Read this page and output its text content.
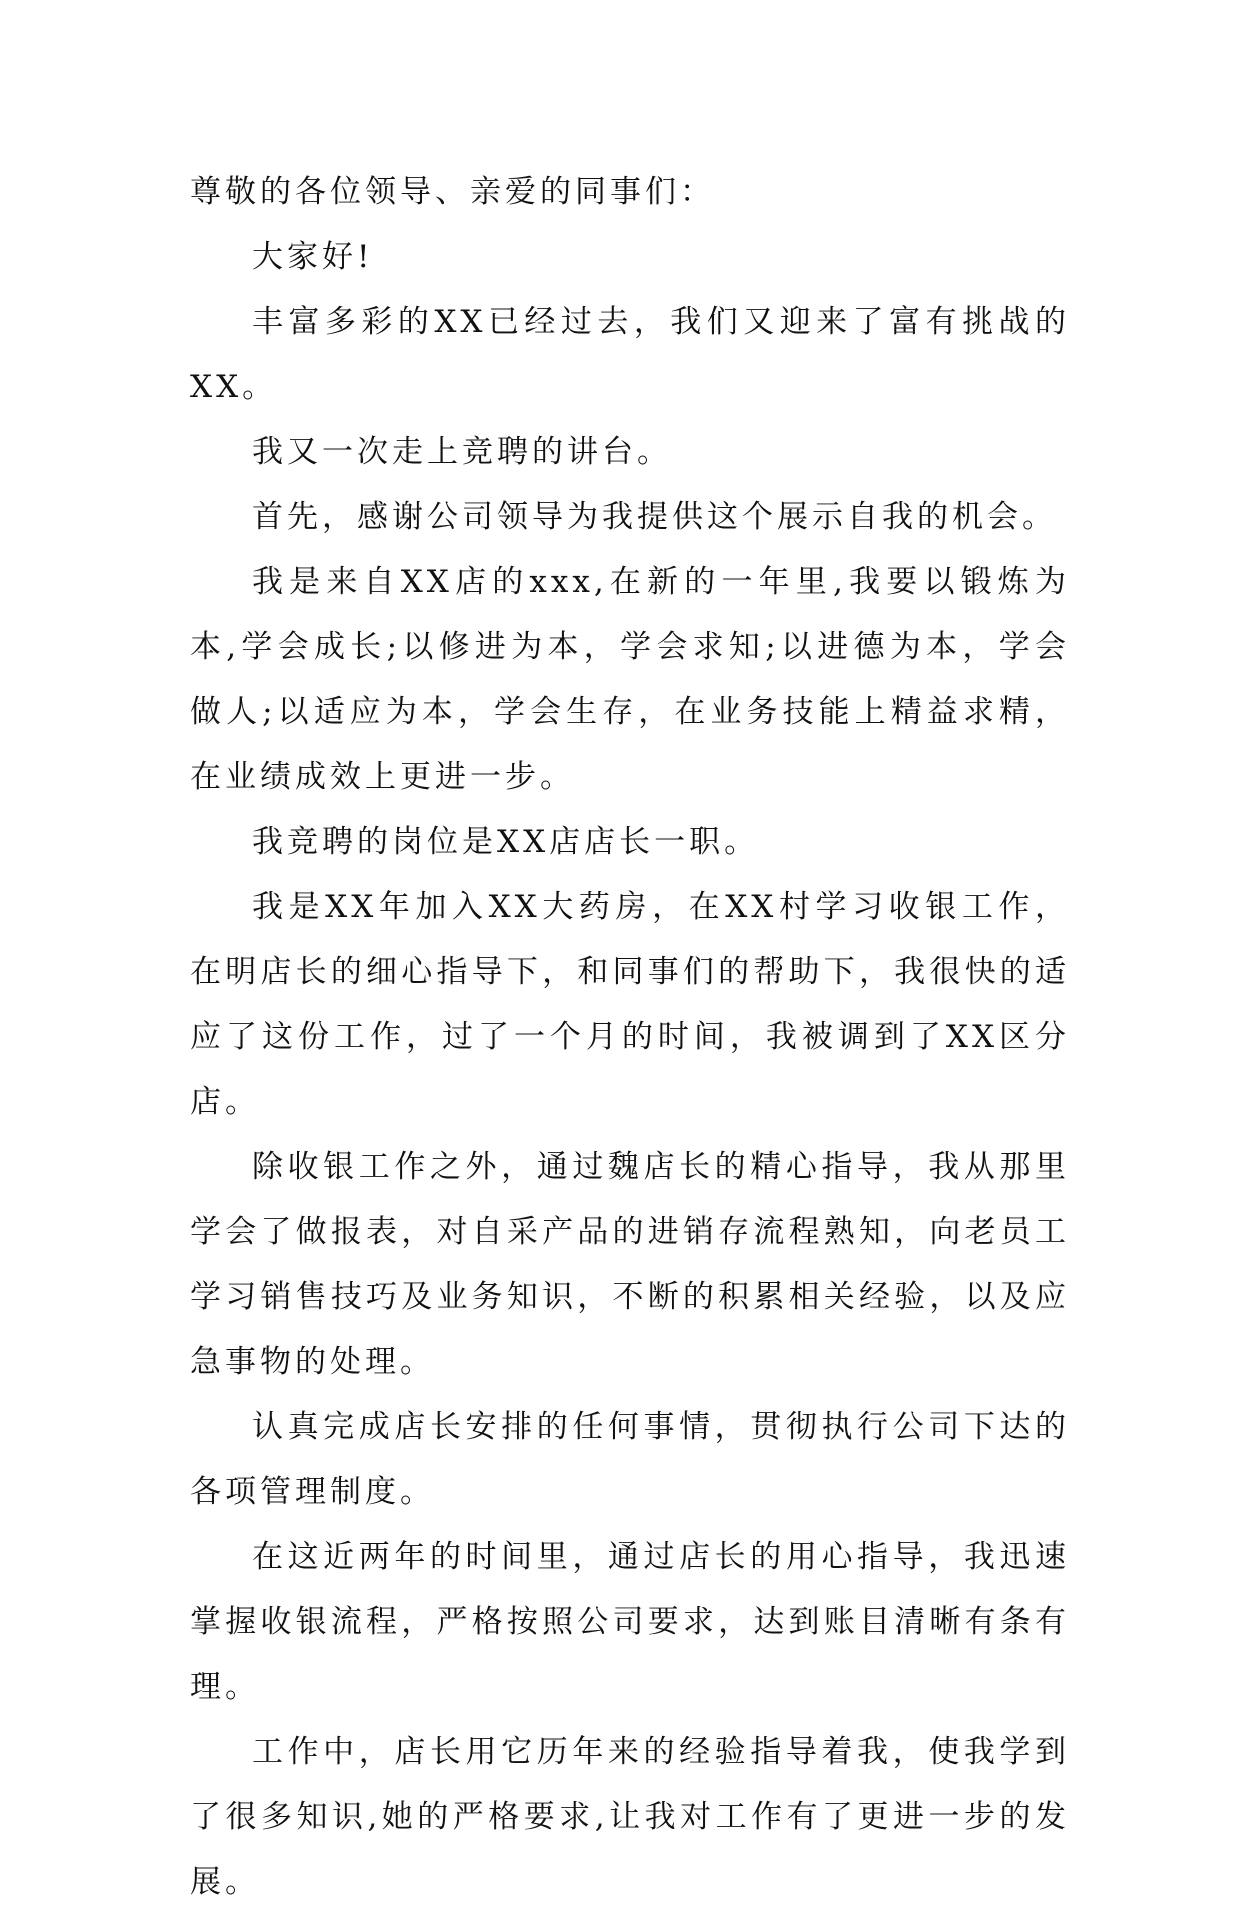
尊敬的各位领导、亲爱的同事们：

大家好!

丰富多彩的XX已经过去，我们又迎来了富有挑战的XX。

我又一次走上竞聘的讲台。

首先，感谢公司领导为我提供这个展示自我的机会。

我是来自XX店的xxx,在新的一年里,我要以锻炼为本,学会成长;以修进为本，学会求知;以进德为本，学会做人;以适应为本，学会生存，在业务技能上精益求精，在业绩成效上更进一步。

我竞聘的岗位是XX店店长一职。

我是XX年加入XX大药房，在XX村学习收银工作，在明店长的细心指导下，和同事们的帮助下，我很快的适应了这份工作，过了一个月的时间，我被调到了XX区分店。

除收银工作之外，通过魏店长的精心指导，我从那里学会了做报表，对自采产品的进销存流程熟知，向老员工学习销售技巧及业务知识，不断的积累相关经验，以及应急事物的处理。

认真完成店长安排的任何事情，贯彻执行公司下达的各项管理制度。

在这近两年的时间里，通过店长的用心指导，我迅速掌握收银流程，严格按照公司要求，达到账目清晰有条有理。

工作中，店长用它历年来的经验指导着我，使我学到了很多知识,她的严格要求,让我对工作有了更进一步的发展。
